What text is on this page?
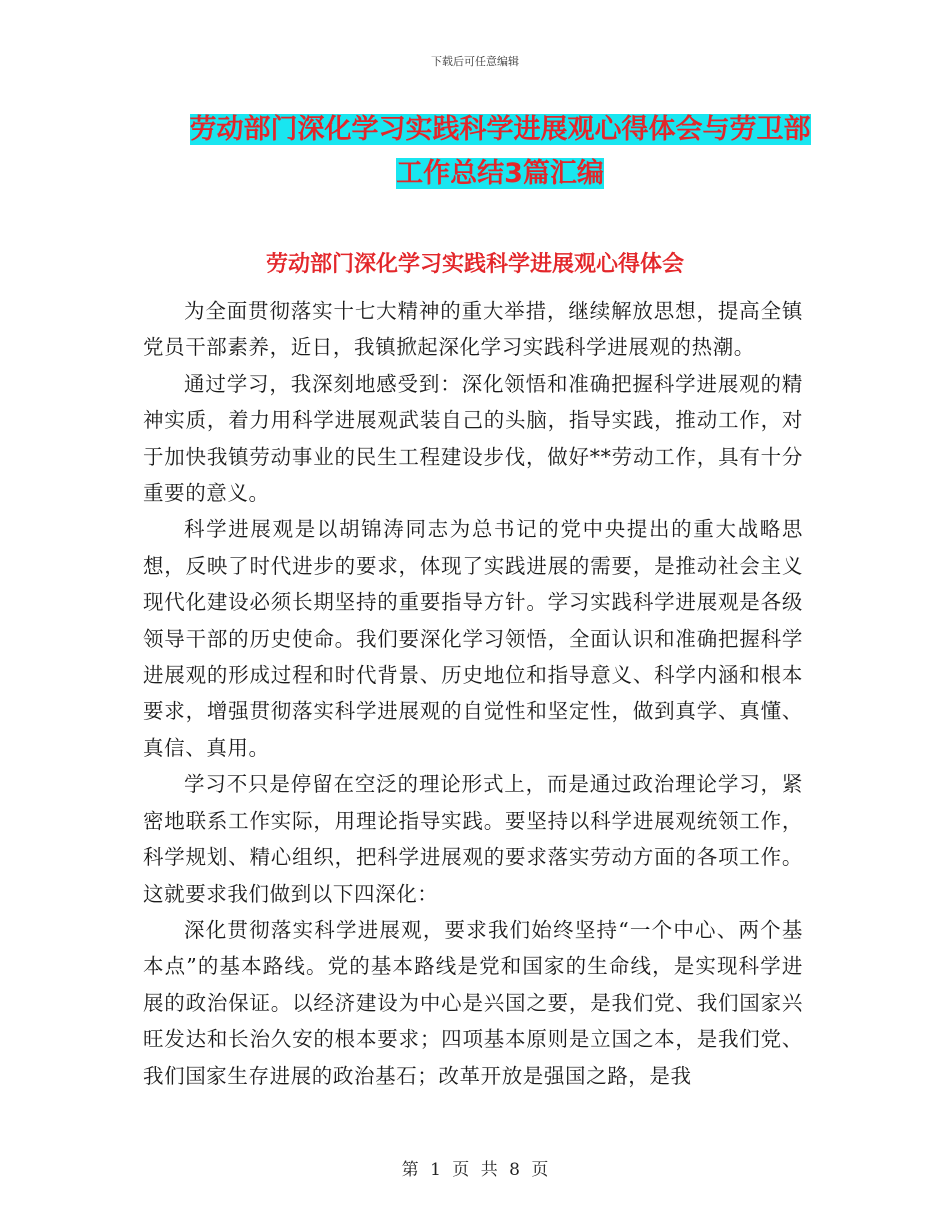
下载后可任意编辑
劳动部门深化学习实践科学进展观心得体会与劳卫部
工作总结3篇汇编
劳动部门深化学习实践科学进展观心得体会

为全面贯彻落实十七大精神的重大举措，继续解放思想，提高全镇党员干部素养，近日，我镇掀起深化学习实践科学进展观的热潮。

通过学习，我深刻地感受到：深化领悟和准确把握科学进展观的精神实质，着力用科学进展观武装自己的头脑，指导实践，推动工作，对于加快我镇劳动事业的民生工程建设步伐，做好**劳动工作，具有十分重要的意义。

科学进展观是以胡锦涛同志为总书记的党中央提出的重大战略思想，反映了时代进步的要求，体现了实践进展的需要，是推动社会主义现代化建设必须长期坚持的重要指导方针。学习实践科学进展观是各级领导干部的历史使命。我们要深化学习领悟，全面认识和准确把握科学进展观的形成过程和时代背景、历史地位和指导意义、科学内涵和根本要求，增强贯彻落实科学进展观的自觉性和坚定性，做到真学、真懂、真信、真用。

学习不只是停留在空泛的理论形式上，而是通过政治理论学习，紧密地联系工作实际，用理论指导实践。要坚持以科学进展观统领工作，科学规划、精心组织，把科学进展观的要求落实劳动方面的各项工作。这就要求我们做到以下四深化：

深化贯彻落实科学进展观，要求我们始终坚持“一个中心、两个基本点”的基本路线。党的基本路线是党和国家的生命线，是实现科学进展的政治保证。以经济建设为中心是兴国之要，是我们党、我们国家兴旺发达和长治久安的根本要求；四项基本原则是立国之本，是我们党、我们国家生存进展的政治基石；改革开放是强国之路，是我

第 1 页 共 8 页
